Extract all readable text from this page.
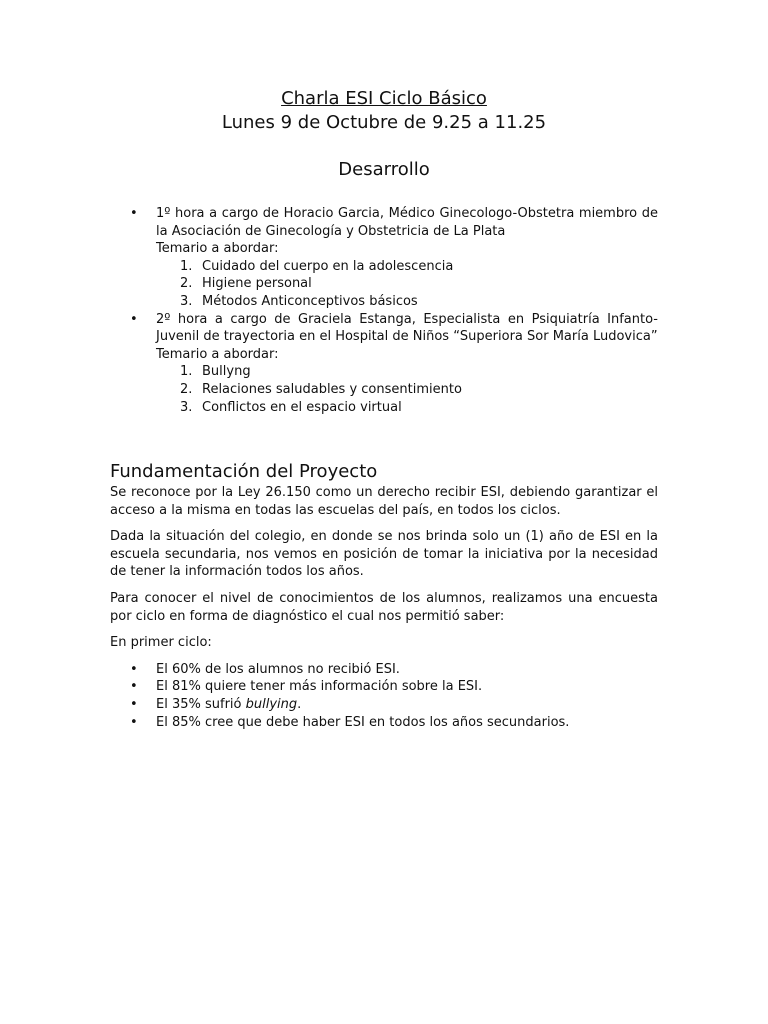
Charla ESI Ciclo Básico
Lunes 9 de Octubre de 9.25 a 11.25
Desarrollo
• 1º hora a cargo de Horacio Garcia, Médico Ginecologo-Obstetra miembro de la Asociación de Ginecología y Obstetricia de La Plata
Temario a abordar:
1. Cuidado del cuerpo en la adolescencia
2. Higiene personal
3. Métodos Anticonceptivos básicos
• 2º hora a cargo de Graciela Estanga, Especialista en Psiquiatría Infanto-Juvenil de trayectoria en el Hospital de Niños “Superiora Sor María Ludovica”
Temario a abordar:
1. Bullyng
2. Relaciones saludables y consentimiento
3. Conflictos en el espacio virtual
Fundamentación del Proyecto

Se reconoce por la Ley 26.150 como un derecho recibir ESI, debiendo garantizar el acceso a la misma en todas las escuelas del país, en todos los ciclos.

Dada la situación del colegio, en donde se nos brinda solo un (1) año de ESI en la escuela secundaria, nos vemos en posición de tomar la iniciativa por la necesidad de tener la información todos los años.

Para conocer el nivel de conocimientos de los alumnos, realizamos una encuesta por ciclo en forma de diagnóstico el cual nos permitió saber:

En primer ciclo:

• El 60% de los alumnos no recibió ESI.
• El 81% quiere tener más información sobre la ESI.
• El 35% sufrió bullying.
• El 85% cree que debe haber ESI en todos los años secundarios.
